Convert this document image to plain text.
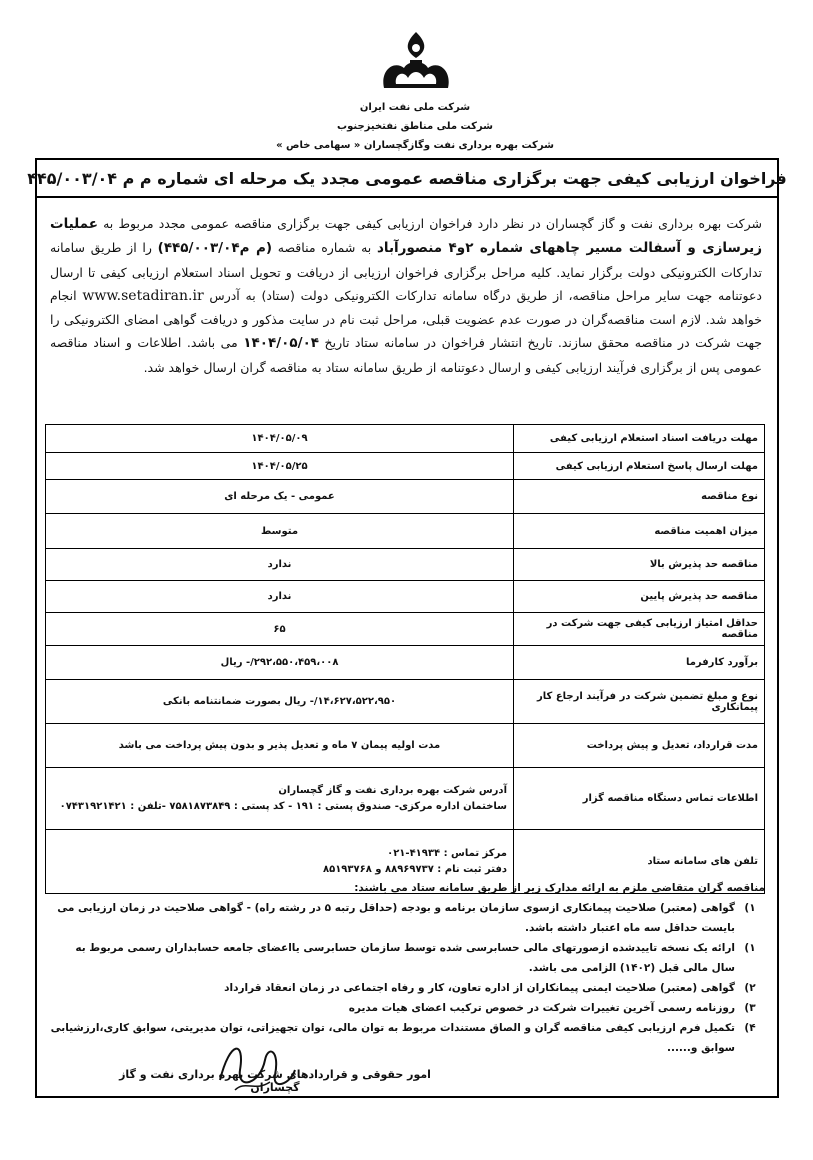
شرکت ملی نفت ایران
شرکت ملی مناطق نفتخیزجنوب
شرکت بهره برداری نفت وگازگچساران « سهامی خاص »
فراخوان ارزیابی کیفی جهت برگزاری مناقصه عمومی مجدد یک مرحله ای شماره م م ۴۴۵/۰۰۳/۰۴
شرکت بهره برداری نفت و گاز گچساران در نظر دارد فراخوان ارزیابی کیفی جهت برگزاری مناقصه عمومی مجدد مربوط به عملیات زیرسازی و آسفالت مسیر چاههای شماره ۲و۴ منصورآباد به شماره مناقصه (م م۴۴۵/۰۰۳/۰۴) را از طریق سامانه تدارکات الکترونیکی دولت برگزار نماید. کلیه مراحل برگزاری فراخوان ارزیابی از دریافت و تحویل اسناد استعلام ارزیابی کیفی تا ارسال دعوتنامه جهت سایر مراحل مناقصه، از طریق درگاه سامانه تدارکات الکترونیکی دولت (ستاد) به آدرس www.setadiran.ir انجام خواهد شد. لازم است مناقصه‌گران در صورت عدم عضویت قبلی، مراحل ثبت نام در سایت مذکور و دریافت گواهی امضای الکترونیکی را جهت شرکت در مناقصه محقق سازند. تاریخ انتشار فراخوان در سامانه ستاد تاریخ ۱۴۰۴/۰۵/۰۴ می باشد. اطلاعات و اسناد مناقصه عمومی پس از برگزاری فرآیند ارزیابی کیفی و ارسال دعوتنامه از طریق سامانه ستاد به مناقصه گران ارسال خواهد شد.
مهلت دریافت اسناد استعلام ارزیابی کیفی	۱۴۰۴/۰۵/۰۹
مهلت ارسال پاسخ استعلام ارزیابی کیفی	۱۴۰۴/۰۵/۲۵
نوع مناقصه	عمومی - یک مرحله ای
میزان اهمیت مناقصه	متوسط
مناقصه حد پذیرش بالا	ندارد
مناقصه حد پذیرش پایین	ندارد
حداقل امتیاز ارزیابی کیفی جهت شرکت در مناقصه	۶۵
برآورد کارفرما	۲۹۲،۵۵۰،۴۵۹،۰۰۸/- ریال
نوع و مبلغ تضمین شرکت در فرآیند ارجاع کار پیمانکاری	۱۴،۶۲۷،۵۲۲،۹۵۰/- ریال بصورت ضمانتنامه بانکی
مدت قرارداد، تعدیل و پیش پرداخت	مدت اولیه پیمان ۷ ماه و تعدیل پذیر و بدون پیش پرداخت می باشد
اطلاعات تماس دستگاه مناقصه گزار	آدرس شرکت بهره برداری نفت و گاز گچساران
ساختمان اداره مرکزی- صندوق پستی : ۱۹۱ - کد پستی : ۷۵۸۱۸۷۳۸۴۹ -تلفن : ۰۷۴۳۱۹۲۱۴۲۱

تلفن های سامانه ستاد	مرکز تماس : ۴۱۹۳۴-۰۲۱
دفتر ثبت نام : ۸۸۹۶۹۷۳۷ و ۸۵۱۹۳۷۶۸
مناقصه گران متقاضی ملزم به ارائه مدارک زیر از طریق سامانه ستاد می باشند:
۱)
گواهی (معتبر) صلاحیت پیمانکاری ازسوی سازمان برنامه و بودجه (حداقل رتبه ۵ در رشته راه) - گواهی صلاحیت در زمان ارزیابی می بایست حداقل سه ماه اعتبار داشته باشد.
۱)
ارائه یک نسخه تاییدشده ازصورتهای مالی حسابرسی شده توسط سازمان حسابرسی یااعضای جامعه حسابداران رسمی مربوط به سال مالی قبل (۱۴۰۲) الزامی می باشد.
۲)
گواهی (معتبر) صلاحیت ایمنی پیمانکاران از اداره تعاون، کار و رفاه اجتماعی در زمان انعقاد قرارداد
۳)
روزنامه رسمی آخرین تغییرات شرکت در خصوص ترکیب اعضای هیات مدیره
۴)
تکمیل فرم ارزیابی کیفی مناقصه گران و الصاق مستندات مربوط به توان مالی، توان تجهیزاتی، توان مدیریتی، سوابق کاری،ارزشیابی سوابق و......
امور حقوقی و قراردادهای شرکت بهره برداری نفت و گاز گچساران
